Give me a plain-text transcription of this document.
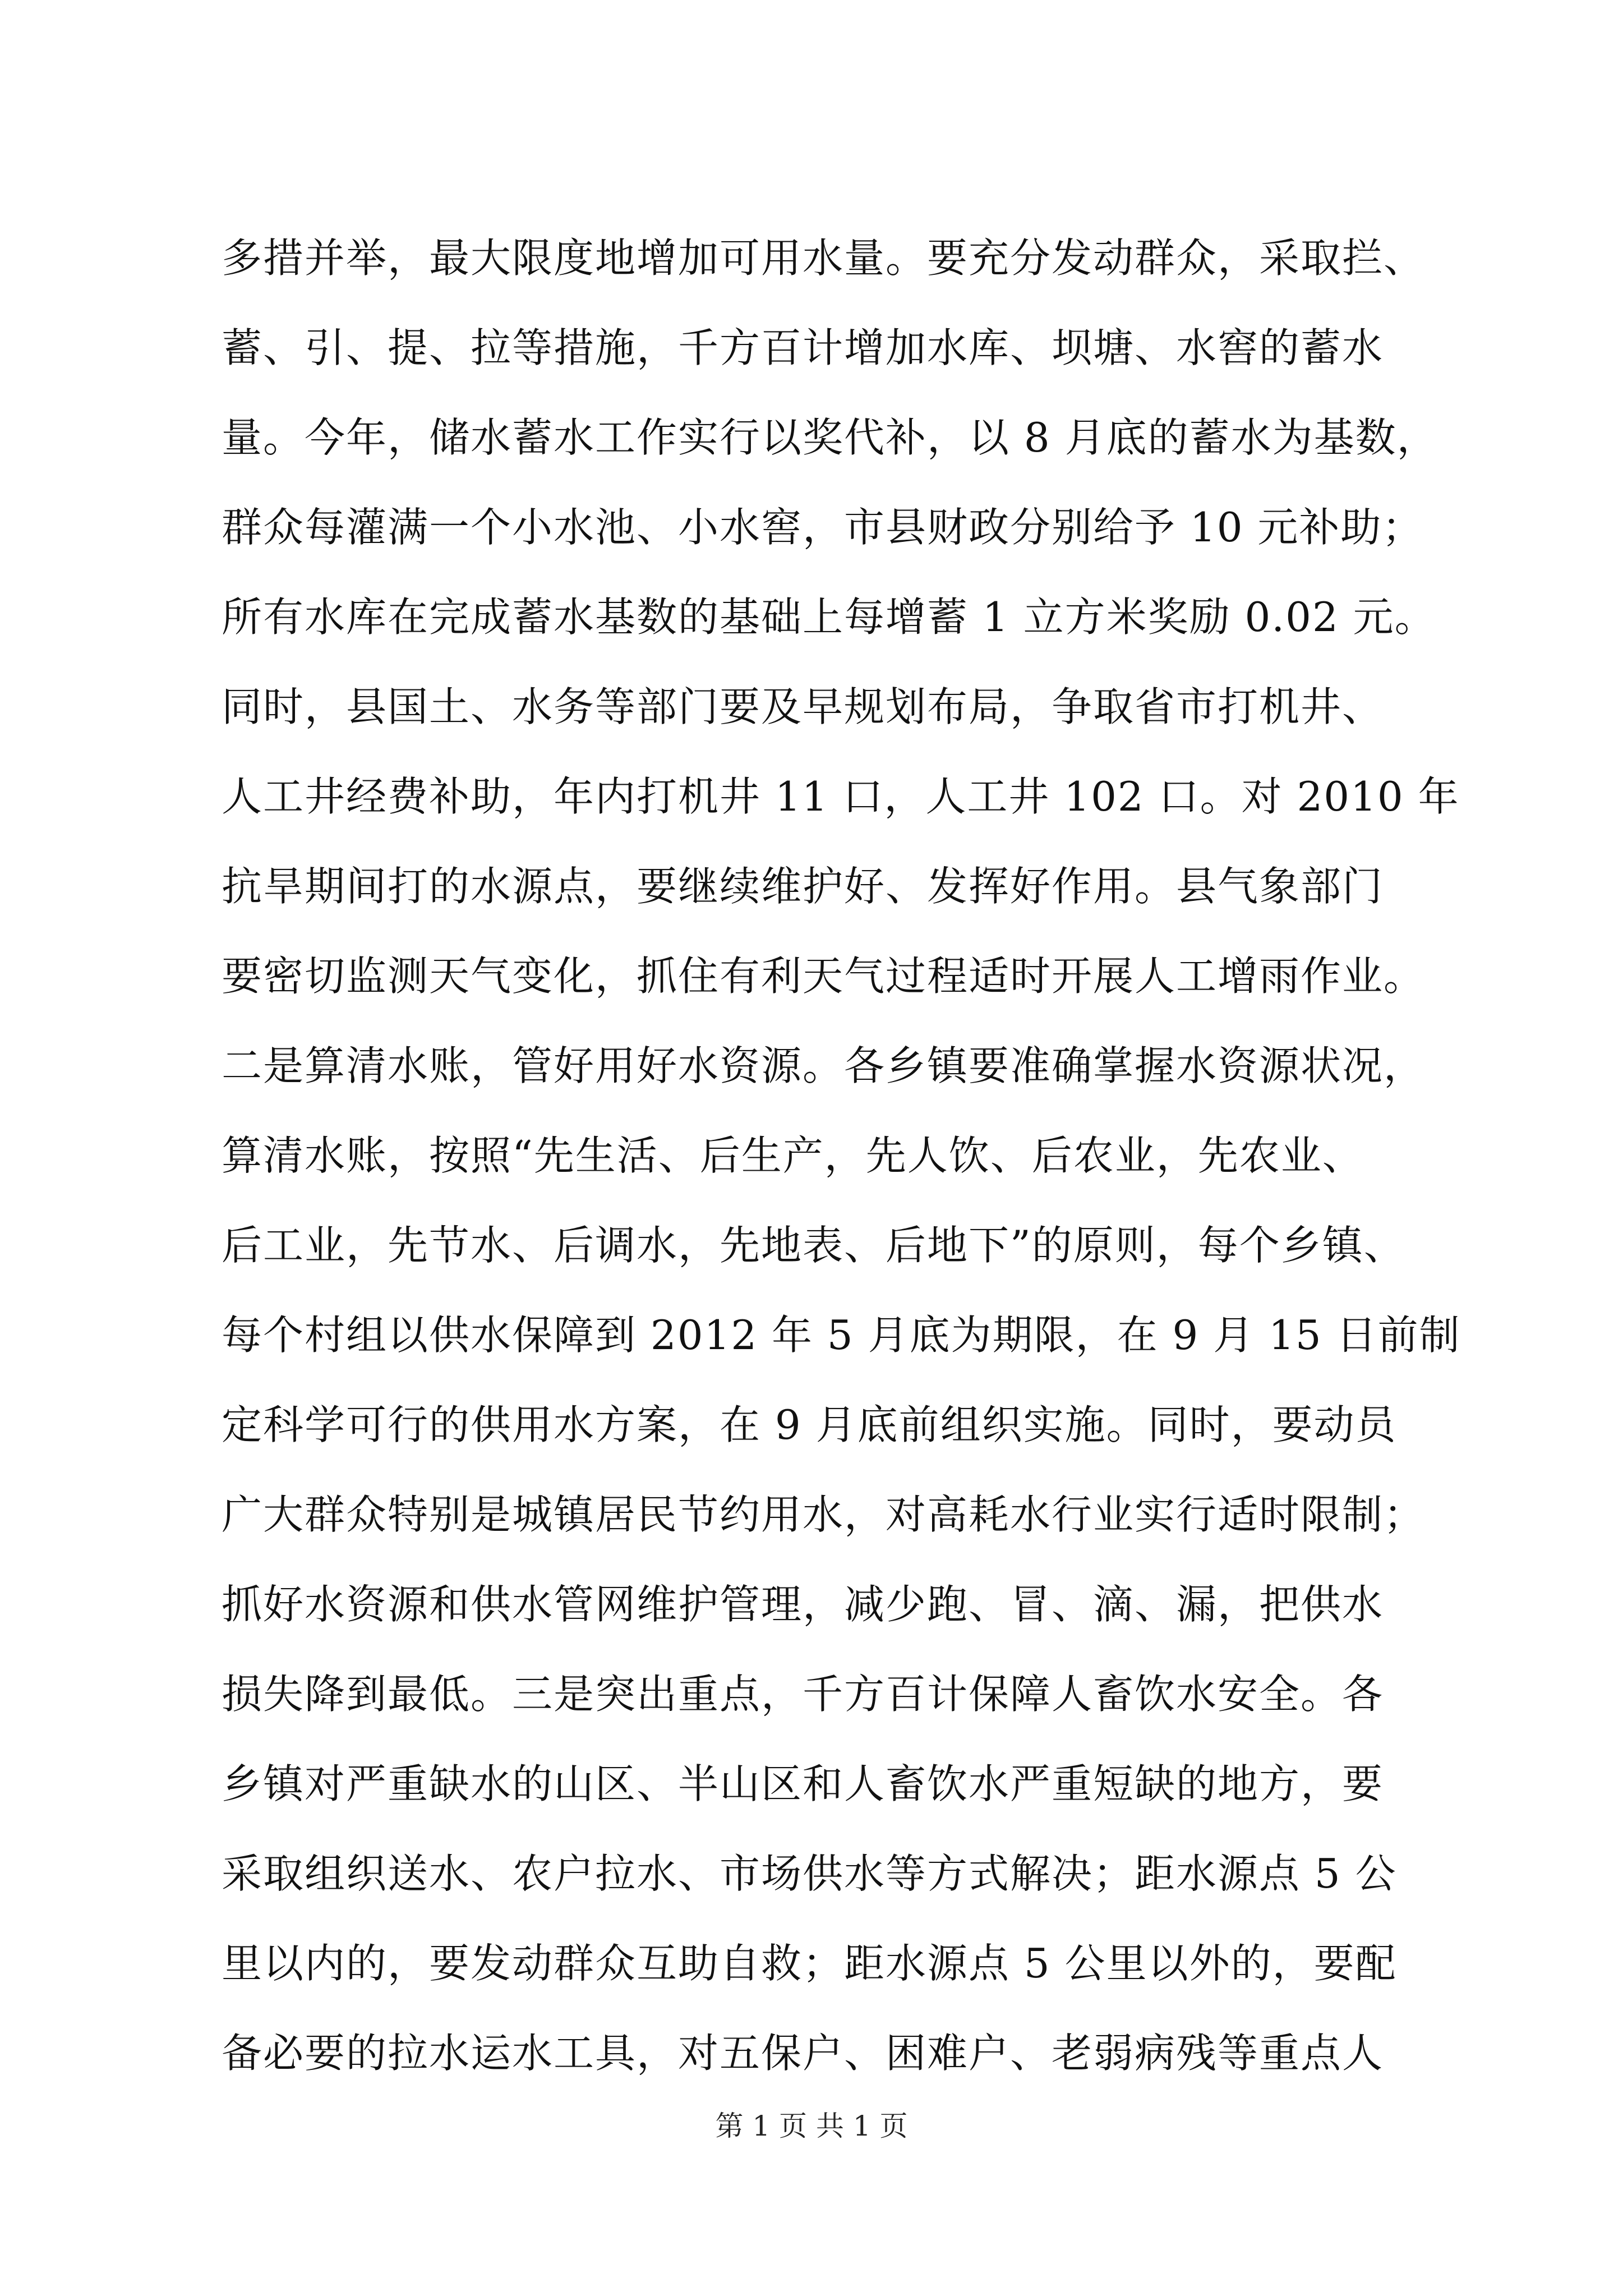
多措并举，最大限度地增加可用水量。要充分发动群众，采取拦、
蓄、引、提、拉等措施，千方百计增加水库、坝塘、水窖的蓄水
量。今年，储水蓄水工作实行以奖代补，以 8 月底的蓄水为基数，
群众每灌满一个小水池、小水窖，市县财政分别给予 10 元补助；
所有水库在完成蓄水基数的基础上每增蓄 1 立方米奖励 0.02 元。
同时，县国土、水务等部门要及早规划布局，争取省市打机井、
人工井经费补助，年内打机井 11 口，人工井 102 口。对 2010 年
抗旱期间打的水源点，要继续维护好、发挥好作用。县气象部门
要密切监测天气变化，抓住有利天气过程适时开展人工增雨作业。
二是算清水账，管好用好水资源。各乡镇要准确掌握水资源状况，
算清水账，按照“先生活、后生产，先人饮、后农业，先农业、
后工业，先节水、后调水，先地表、后地下”的原则，每个乡镇、
每个村组以供水保障到 2012 年 5 月底为期限，在 9 月 15 日前制
定科学可行的供用水方案，在 9 月底前组织实施。同时，要动员
广大群众特别是城镇居民节约用水，对高耗水行业实行适时限制；
抓好水资源和供水管网维护管理，减少跑、冒、滴、漏，把供水
损失降到最低。三是突出重点，千方百计保障人畜饮水安全。各
乡镇对严重缺水的山区、半山区和人畜饮水严重短缺的地方，要
采取组织送水、农户拉水、市场供水等方式解决；距水源点 5 公
里以内的，要发动群众互助自救；距水源点 5 公里以外的，要配
备必要的拉水运水工具，对五保户、困难户、老弱病残等重点人
第 1 页 共 1 页
